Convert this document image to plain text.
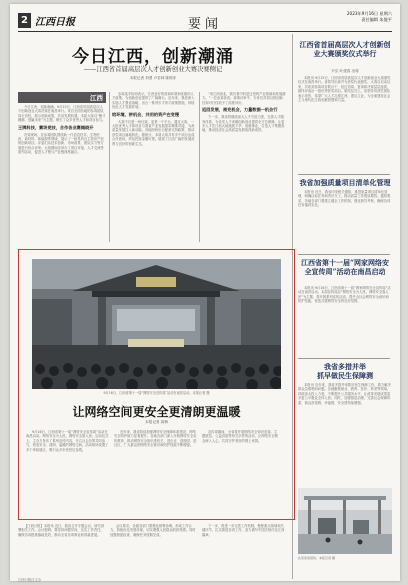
2 江西日报	要闻
2023年9月16日 星期六
责任编辑 朱俊平
今日江西，创新潮涌
——江西省首届高层次人才创新创业大赛决赛侧记
本报记者 刘勇 卢若林 陈格非
江西

今日江西，创新潮涌。9月15日，江西省首届高层次人才创新创业大赛决赛在南昌举行。来自全国各地的参赛团队同台竞技，展示创新成果，共话发展机遇。本届大赛以“聚才赣鄱、创赢未来”为主题，吸引了众多优秀人才和项目参与。

王牌科技，赛场竞技，合作各业赛揭晓开

决赛现场，各参赛团队围绕新一代信息技术、生物医药、新材料、新能源等领域，展示了一批具有自主知识产权的创新项目。评委们从技术创新、市场前景、团队实力等方面进行综合评审。大赛期间还举办了项目对接、人才交流等系列活动，促进人才链与产业链深度融合。

参赛选手纷纷表示，江西良好的营商环境和优惠的人才政策，为创新创业提供了广阔舞台。近年来，我省深入实施人才强省战略，出台一系列引才育才政策措施，持续优化人才发展环境。

给环境、拼机会，共用的资产在变慢

大赛不仅是一场比赛，更是一个平台。通过大赛，一大批优秀人才和项目与我省产业发展需求精准对接，为高质量发展注入新动能。各地纷纷出台配套支持政策，推动获奖项目落地转化。据统计，本届大赛共有多个项目达成合作意向，涉及投资金额可观，展现了江西广阔的发展前景与良好的创新生态。

“来江西创业，我们看中的是这里的产业基础和发展潜力。”一位参赛者说。赛事评审中，专家们对项目的创新性和可行性给予了高度评价。

返回发展，商充机会，力量数据一机会行

下一步，我省将继续加大人才引进力度，完善人才服务体系，为各类人才来赣创新创业提供全方位保障，让更多人才在江西大地施展才华、成就事业，打造人才集聚高地，推动经济社会高质量发展取得新成效。

江西省首届高层次人才创新创业大赛颁奖仪式举行
尹弘 叶建春 出席

本报讯 9月15日，江西省首届高层次人才创新创业大赛颁奖仪式在南昌举行。省领导出席并为获奖代表颁奖。大赛自启动以来，共收到参赛项目数百个，经过初赛、复赛和决赛层层选拔，最终评选出一批优秀获奖项目。颁奖仪式上，省领导向获奖团队表示祝贺，希望广大人才扎根江西、建功立业，为全面建设社会主义现代化江西贡献智慧和力量。

我省加强质量项目清单化管理

本报讯 近日，我省印发相关通知，推进质量项目清单化管理，明确目标任务和责任分工，推动质量工作提质增效。通知要求，各地各部门要建立健全工作机制，强化督导考核，确保各项任务落到实处。

江西省第十一届“网家网络安全宣传周”活动在南昌启动

本报讯 9月16日，江西省第十一届“网家网络安全宣传周”活动在南昌启动。本届宣传周以“网络安全为人民，网络安全靠人民”为主题，将开展系列宣传活动，提升全社会网络安全意识和防护技能，营造共建网络安全的良好氛围。

我省多措并举
抓早做民生保障测

本报讯 近年来，我省多措并举抓好民生保障工作，着力解决群众急难愁盼问题。各地聚焦就业、教育、医疗、养老等领域，持续加大投入力度，不断提升公共服务水平，让改革发展成果更多更公平惠及全体人民。同时，加强基层治理，完善社会保障体系，群众获得感、幸福感、安全感持续增强。

在某某某现场。本报记者 摄
9月16日，江西省第十一届“网络安全宣传周”活动在南昌启动。本报记者 摄
让网络空间更安全更清朗更温暖
本报记者 周梅

9月16日，江西省第十一届“网络安全宣传周”活动在南昌启动。网络安全为人民，网络安全靠人民。启动仪式上，主办方发布了系列宣传内容，号召社会各界共同参与，营造安全、清朗、温暖的网络空间。活动现场设置了多个体验展区，吸引众多市民驻足参观。

近年来，我省持续加强网络安全保障体系建设，网络安全防护能力显著提升。各地各部门深入开展网络安全宣传教育，推动网络安全知识进机关、进企业、进校园、进社区，广大群众的网络安全意识和防护技能不断增强。

宣传周期间，全省将开展网络安全知识竞赛、主题展览、公益讲座等形式多样的活动，让网络安全理念深入人心，共同守护美好的网上家园。

【江西日报】本报讯 近日，我省召开专题会议，研究部署相关工作。会议强调，要坚持问题导向，压实工作责任，确保各项措施落地见效，推动全省各项事业取得新进展。

会议要求，各级各部门要强化统筹协调，形成工作合力，持续优化发展环境，切实增强人民群众的获得感。同时加强督促检查，确保任务按期完成。

下一步，将进一步完善工作机制，聚焦重点领域和关键环节，扎实推进各项工作，奋力谱写中国式现代化江西篇章。

江西日报社主办
